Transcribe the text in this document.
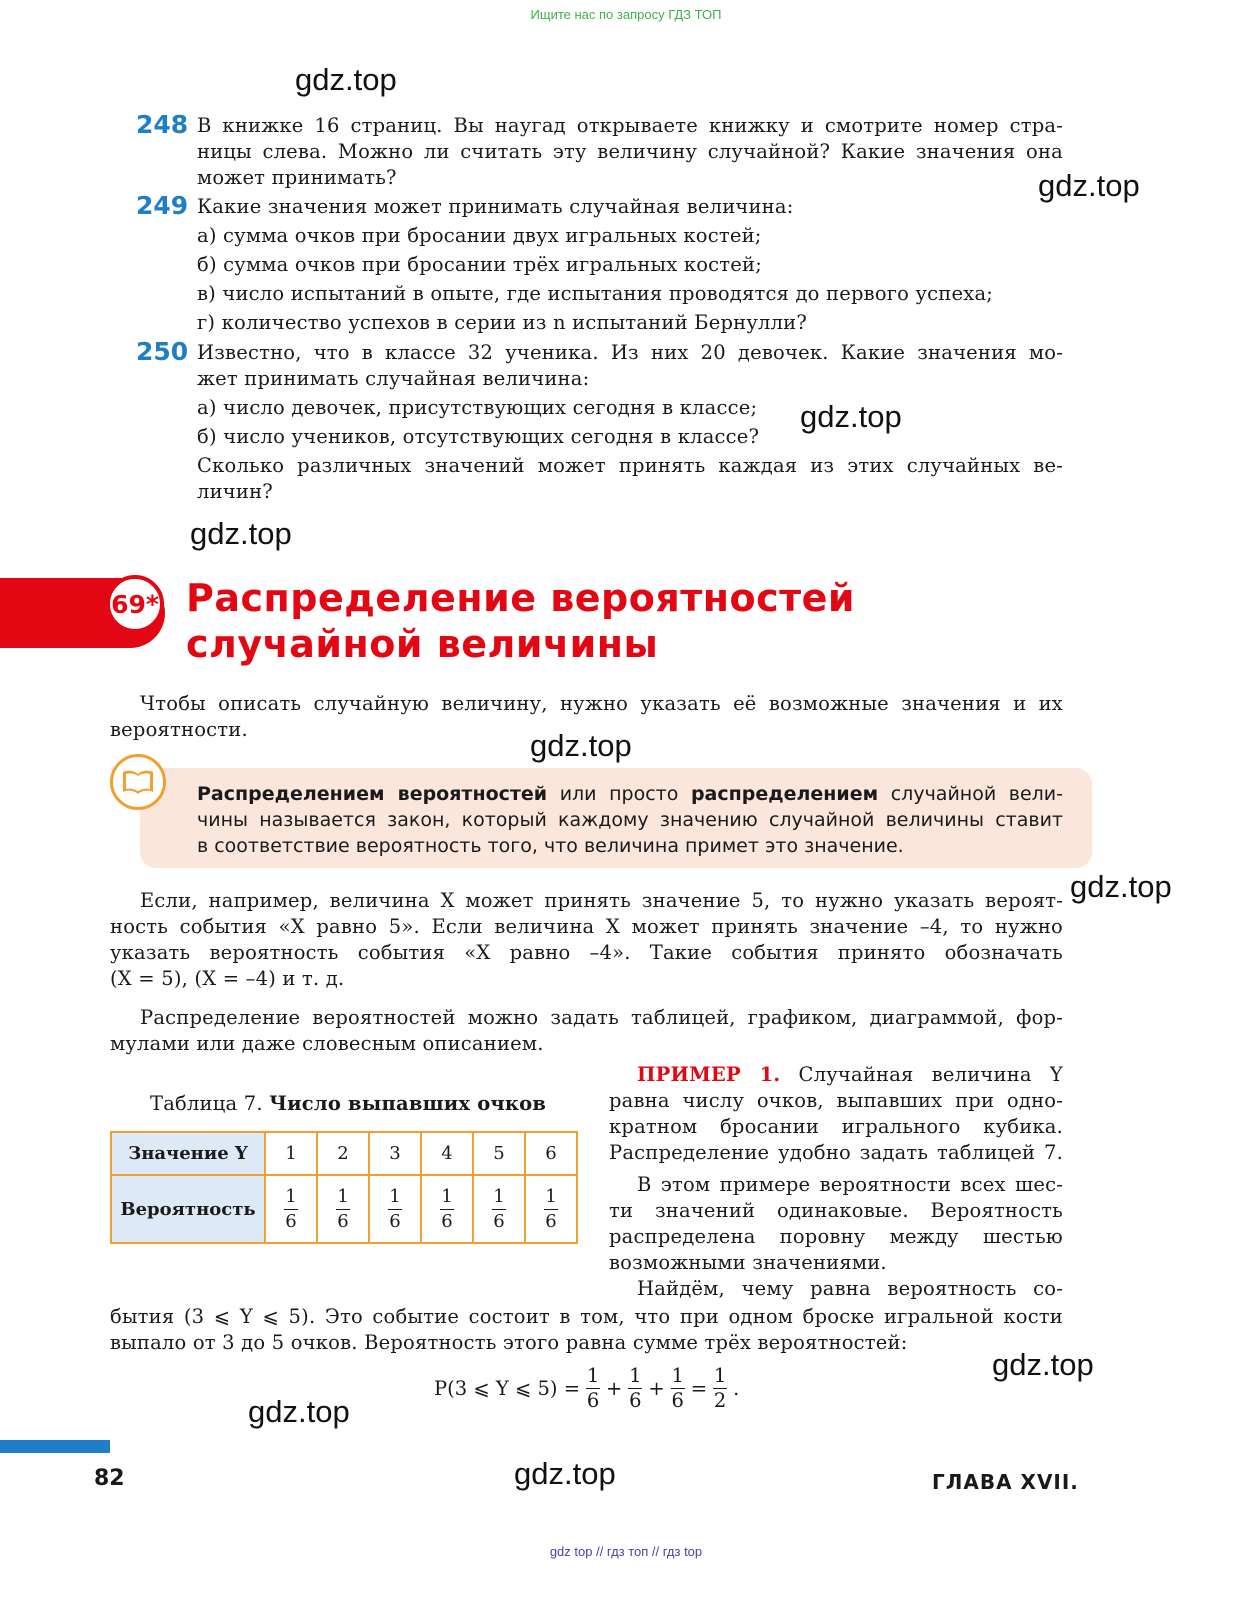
Ищите нас по запросу ГДЗ ТОП
gdz.top
gdz.top
gdz.top
gdz.top
gdz.top
gdz.top
gdz.top
gdz.top
gdz.top
248 В книжке 16 страниц. Вы наугад открываете книжку и смотрите номер стра-
ницы слева. Можно ли считать эту величину случайной? Какие значения она
может принимать?
249 Какие значения может принимать случайная величина:
а) сумма очков при бросании двух игральных костей;
б) сумма очков при бросании трёх игральных костей;
в) число испытаний в опыте, где испытания проводятся до первого успеха;
г) количество успехов в серии из n испытаний Бернулли?
250 Известно, что в классе 32 ученика. Из них 20 девочек. Какие значения мо-
жет принимать случайная величина:
а) число девочек, присутствующих сегодня в классе;
б) число учеников, отсутствующих сегодня в классе?
Сколько различных значений может принять каждая из этих случайных ве-
личин?
69* Распределение вероятностей
случайной величины
Чтобы описать случайную величину, нужно указать её возможные значения и их
вероятности.
Распределением вероятностей или просто распределением случайной вели-
чины называется закон, который каждому значению случайной величины ставит
в соответствие вероятность того, что величина примет это значение.
Если, например, величина X может принять значение 5, то нужно указать вероят-
ность события «X равно 5». Если величина X может принять значение –4, то нужно
указать вероятность события «X равно –4». Такие события принято обозначать
(X = 5), (X = –4) и т. д.
Распределение вероятностей можно задать таблицей, графиком, диаграммой, фор-
мулами или даже словесным описанием.
Таблица 7. Число выпавших очков
Значение Y	1	2	3	4	5	6
Вероятность	$\frac{1}{6}$	$\frac{1}{6}$	$\frac{1}{6}$	$\frac{1}{6}$	$\frac{1}{6}$	$\frac{1}{6}$
ПРИМЕР 1. Случайная величина Y
равна числу очков, выпавших при одно-
кратном бросании игрального кубика.
Распределение удобно задать таблицей 7.
В этом примере вероятности всех шес-
ти значений одинаковые. Вероятность
распределена поровну между шестью
возможными значениями.
Найдём, чему равна вероятность со-
бытия (3 ⩽ Y ⩽ 5). Это событие состоит в том, что при одном броске игральной кости
выпало от 3 до 5 очков. Вероятность этого равна сумме трёх вероятностей:
P(3 ⩽ Y ⩽ $5) = \frac{1}{6} + \frac{1}{6} + \frac{1}{6} = \frac{1}{2}$ .
82	ГЛАВА XVII.
gdz top // гдз топ // гдз top
